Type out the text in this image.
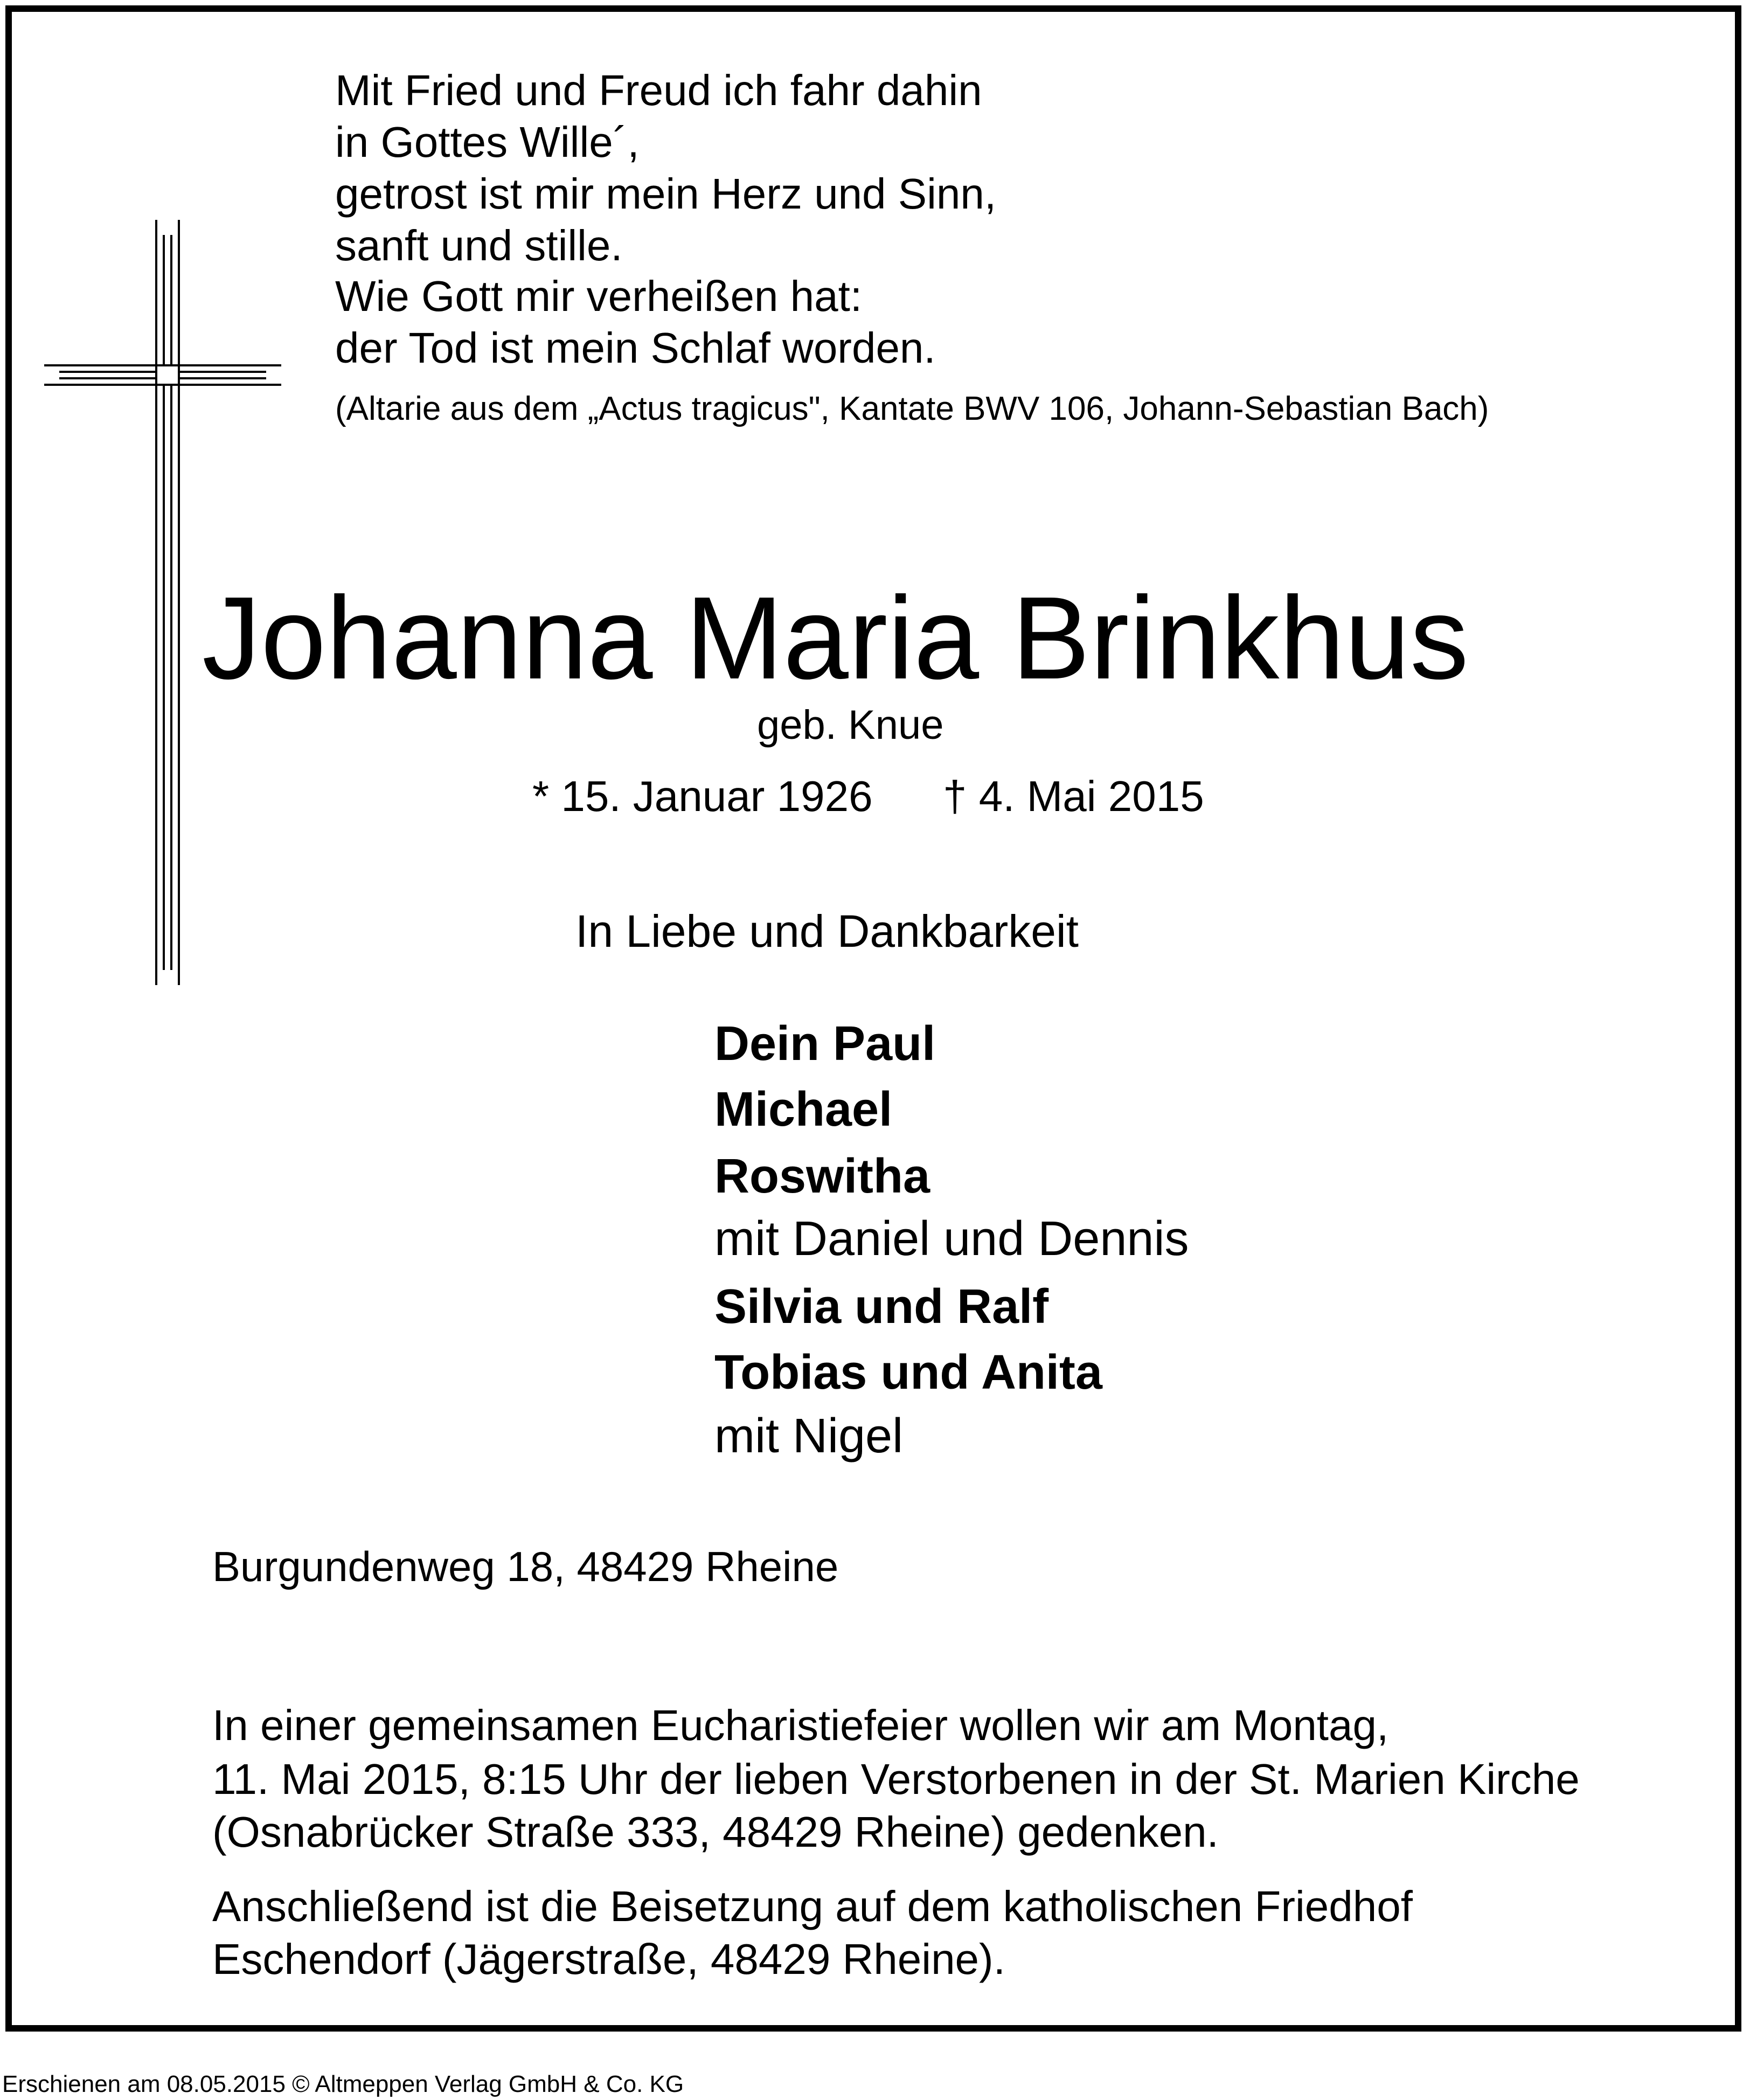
Mit Fried und Freud ich fahr dahin
in Gottes Wille´,
getrost ist mir mein Herz und Sinn,
sanft und stille.
Wie Gott mir verheißen hat:
der Tod ist mein Schlaf worden.
(Altarie aus dem „Actus tragicus", Kantate BWV 106, Johann-Sebastian Bach)
Johanna Maria Brinkhus
geb. Knue
* 15. Januar 1926 † 4. Mai 2015
In Liebe und Dankbarkeit
Dein Paul
Michael
Roswitha
mit Daniel und Dennis
Silvia und Ralf
Tobias und Anita
mit Nigel
Burgundenweg 18, 48429 Rheine
In einer gemeinsamen Eucharistiefeier wollen wir am Montag,
11. Mai 2015, 8:15 Uhr der lieben Verstorbenen in der St. Marien Kirche
(Osnabrücker Straße 333, 48429 Rheine) gedenken.
Anschließend ist die Beisetzung auf dem katholischen Friedhof
Eschendorf (Jägerstraße, 48429 Rheine).
Erschienen am 08.05.2015 © Altmeppen Verlag GmbH & Co. KG
